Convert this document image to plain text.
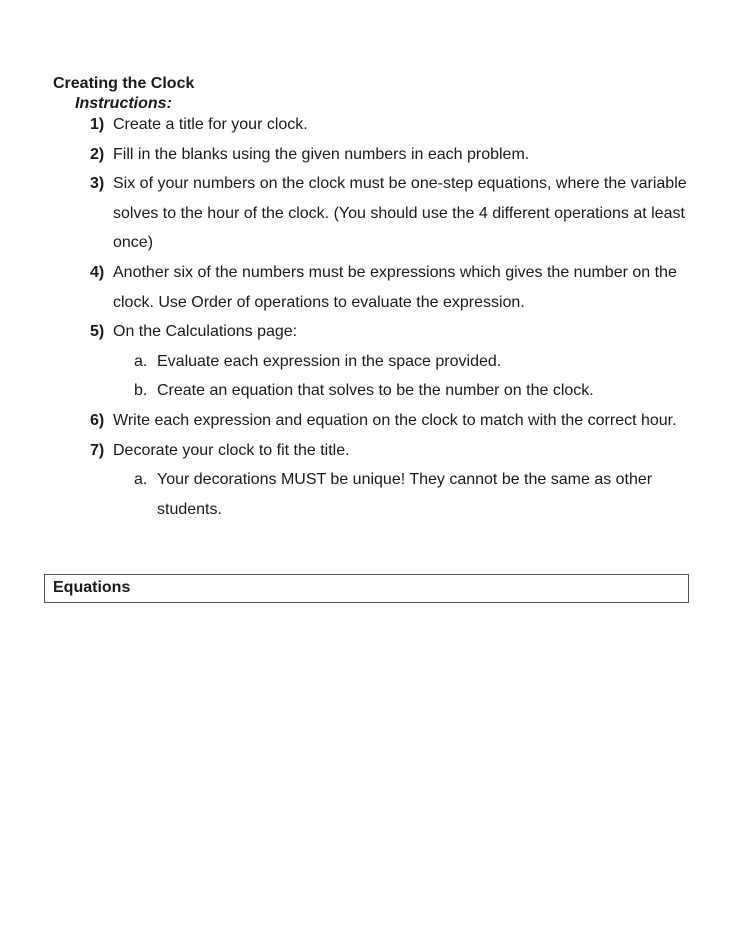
Creating the Clock
Instructions:
1) Create a title for your clock.
2) Fill in the blanks using the given numbers in each problem.
3) Six of your numbers on the clock must be one-step equations, where the variable solves to the hour of the clock. (You should use the 4 different operations at least once)
4) Another six of the numbers must be expressions which gives the number on the clock. Use Order of operations to evaluate the expression.
5) On the Calculations page:
a. Evaluate each expression in the space provided.
b. Create an equation that solves to be the number on the clock.
6) Write each expression and equation on the clock to match with the correct hour.
7) Decorate your clock to fit the title.
a. Your decorations MUST be unique! They cannot be the same as other students.
Equations
